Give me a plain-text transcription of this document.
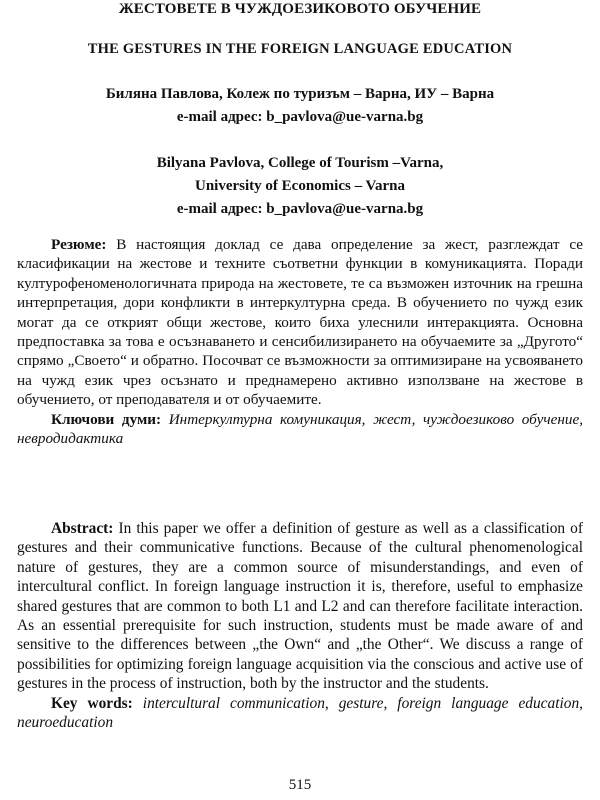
ЖЕСТОВЕТЕ В ЧУЖДОЕЗИКОВОТО ОБУЧЕНИЕ
THE GESTURES IN THE FOREIGN LANGUAGE EDUCATION
Биляна Павлова, Колеж по туризъм – Варна, ИУ – Варна
e-mail адрес: b_pavlova@ue-varna.bg
Bilyana Pavlova, College of Tourism –Varna,
University of Economics – Varna
e-mail адрес: b_pavlova@ue-varna.bg

Резюме: В настоящия доклад се дава определение за жест, разглеждат се класификации на жестове и техните съответни функции в комуникацията. Поради културофеноменологичната природа на жестовете, те са възможен източник на грешна интерпретация, дори конфликти в интеркултурна среда. В обучението по чужд език могат да се открият общи жестове, които биха улеснили интеракцията. Основна предпоставка за това е осъзнаването и сенсибилизирането на обучаемите за „Другото“ спрямо „Своето“ и обратно. Посочват се възможности за оптимизиране на усвояването на чужд език чрез осъзнато и преднамерено активно използване на жестове в обучението, от преподавателя и от обучаемите.

Ключови думи: Интеркултурна комуникация, жест, чуждоезиково обучение, невродидактика

Abstract: In this paper we offer a definition of gesture as well as a classification of gestures and their communicative functions. Because of the cultural phenomenological nature of gestures, they are a common source of misunderstandings, and even of intercultural conflict. In foreign language instruction it is, therefore, useful to emphasize shared gestures that are common to both L1 and L2 and can therefore facilitate interaction. As an essential prerequisite for such instruction, students must be made aware of and sensitive to the differences between „the Own“ and „the Other“. We discuss a range of possibilities for optimizing foreign language acquisition via the conscious and active use of gestures in the process of instruction, both by the instructor and the students.

Key words: intercultural communication, gesture, foreign language education, neuroeducation

515
